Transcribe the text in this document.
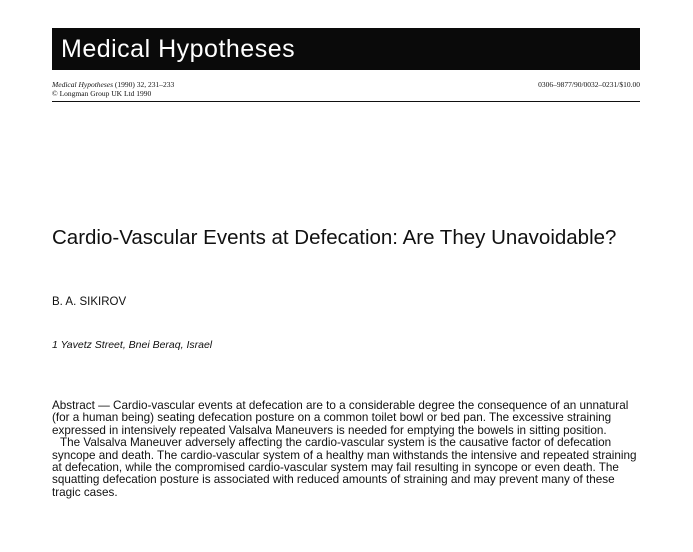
Medical Hypotheses
Medical Hypotheses (1990) 32, 231–233
© Longman Group UK Ltd 1990
0306–9877/90/0032–0231/$10.00
Cardio-Vascular Events at Defecation: Are They Unavoidable?
B. A. SIKIROV
1 Yavetz Street, Bnei Beraq, Israel

Abstract — Cardio-vascular events at defecation are to a considerable degree the consequence of an unnatural (for a human being) seating defecation posture on a common toilet bowl or bed pan. The excessive straining expressed in intensively repeated Valsalva Maneuvers is needed for emptying the bowels in sitting position.

The Valsalva Maneuver adversely affecting the cardio-vascular system is the causative factor of defecation syncope and death. The cardio-vascular system of a healthy man withstands the intensive and repeated straining at defecation, while the compromised cardio-vascular system may fail resulting in syncope or even death. The squatting defecation posture is associated with reduced amounts of straining and may prevent many of these tragic cases.
